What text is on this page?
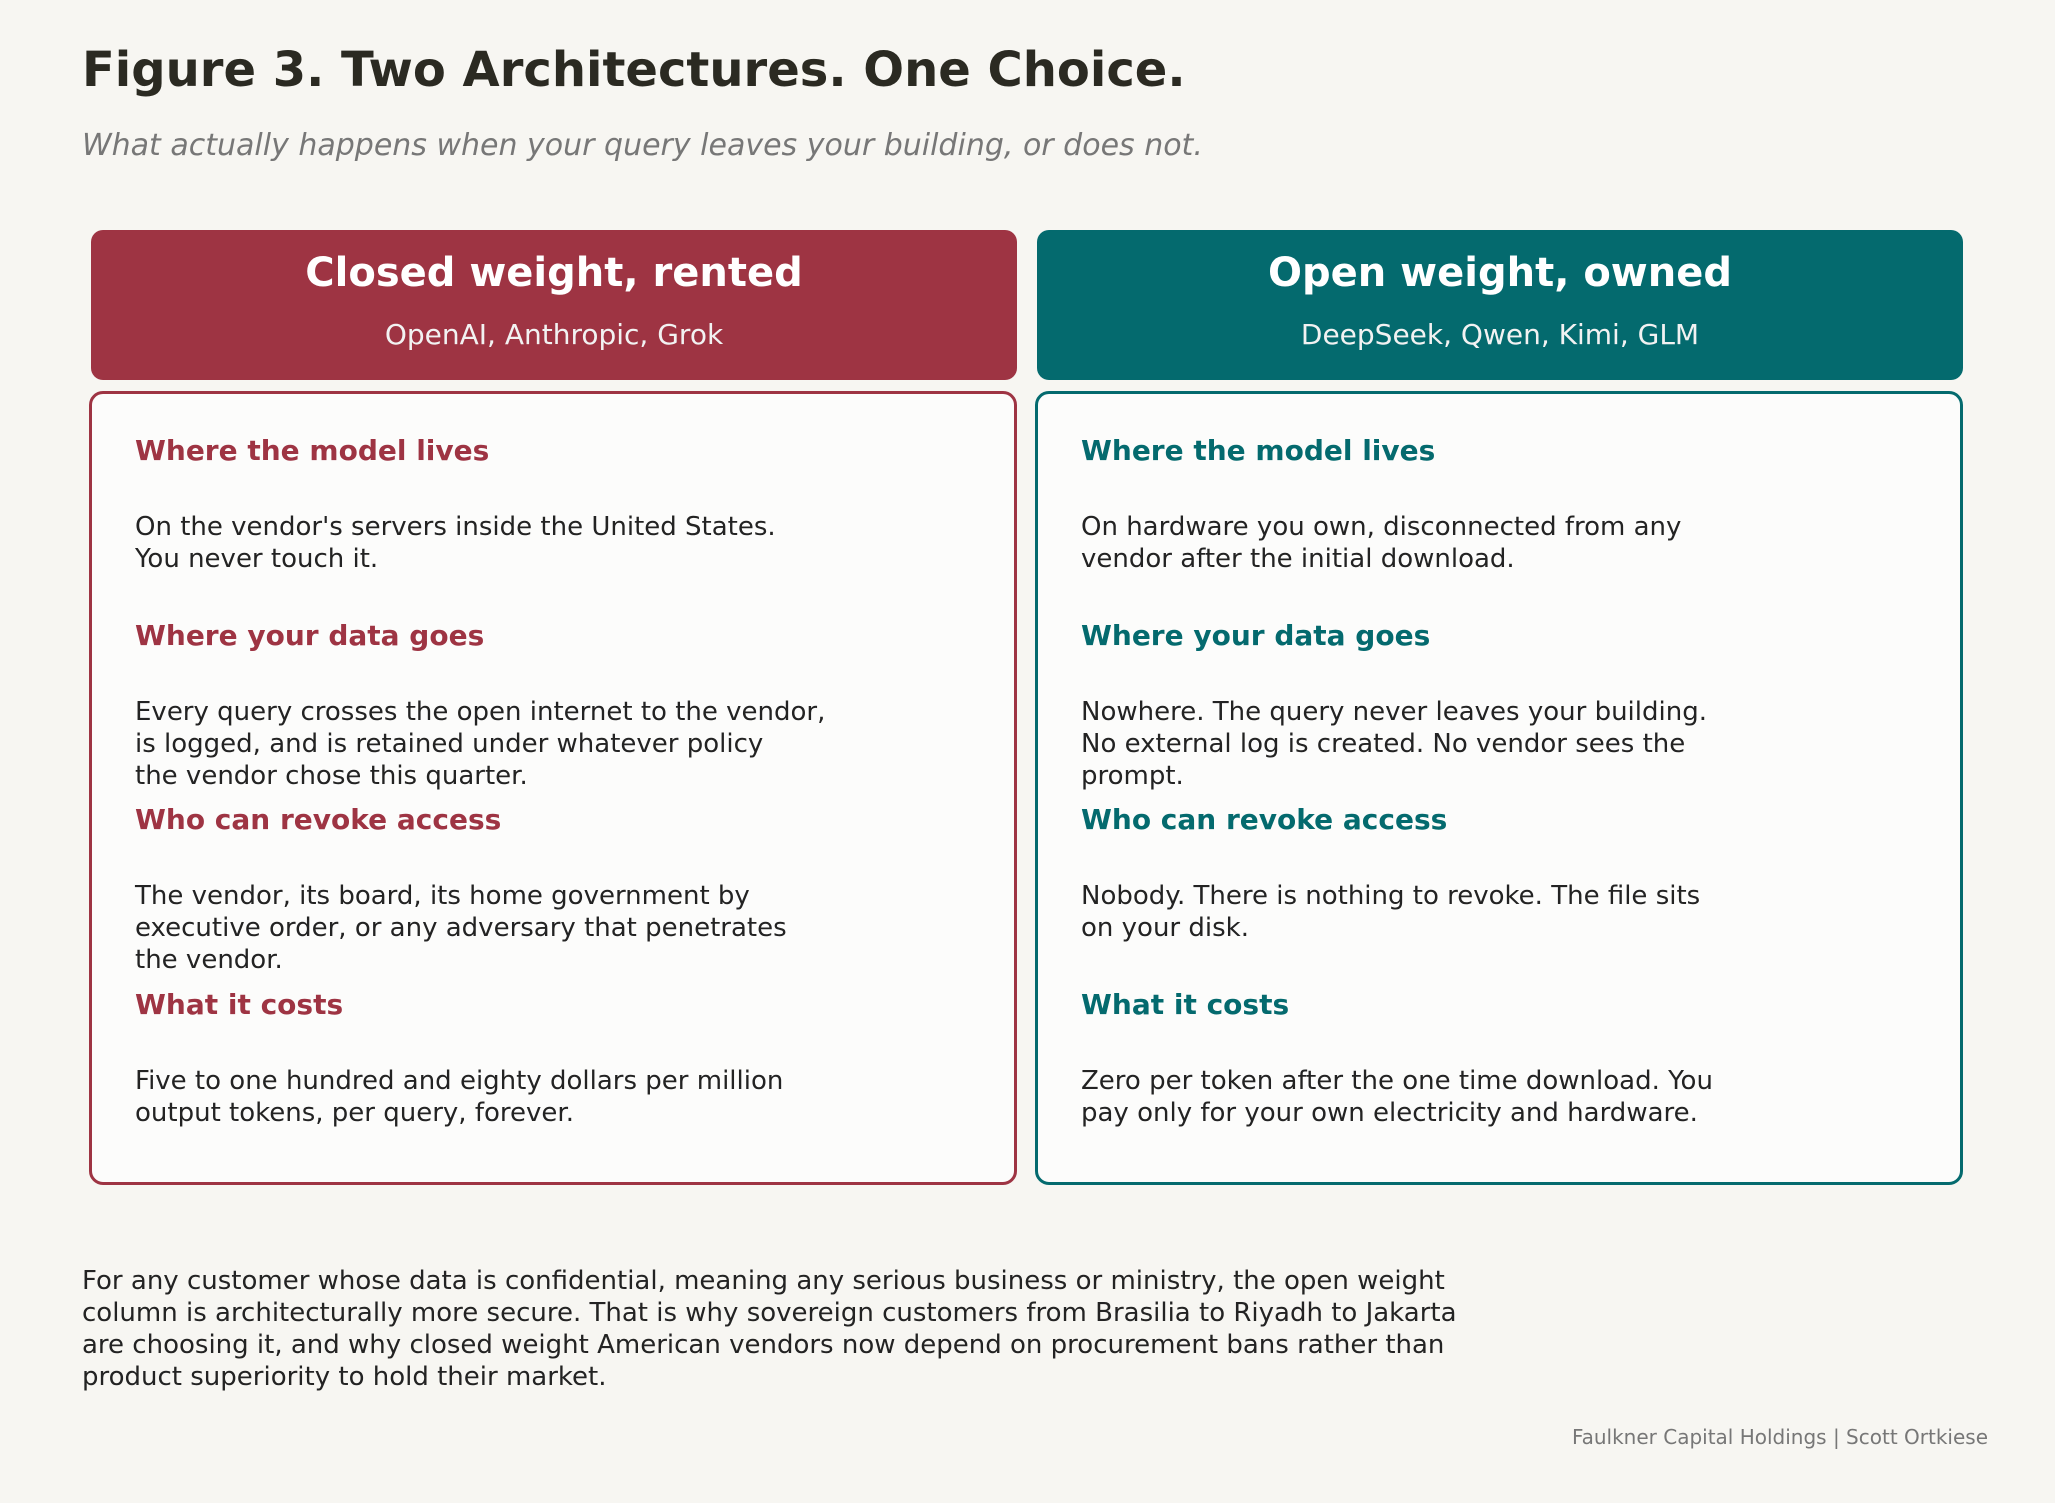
Figure 3. Two Architectures. One Choice.
What actually happens when your query leaves your building, or does not.
Closed weight, rented
OpenAI, Anthropic, Grok
Where the model lives
On the vendor's servers inside the United States.
You never touch it.
Where your data goes
Every query crosses the open internet to the vendor,
is logged, and is retained under whatever policy
the vendor chose this quarter.
Who can revoke access
The vendor, its board, its home government by
executive order, or any adversary that penetrates
the vendor.
What it costs
Five to one hundred and eighty dollars per million
output tokens, per query, forever.
Open weight, owned
DeepSeek, Qwen, Kimi, GLM
Where the model lives
On hardware you own, disconnected from any
vendor after the initial download.
Where your data goes
Nowhere. The query never leaves your building.
No external log is created. No vendor sees the
prompt.
Who can revoke access
Nobody. There is nothing to revoke. The file sits
on your disk.
What it costs
Zero per token after the one time download. You
pay only for your own electricity and hardware.
For any customer whose data is confidential, meaning any serious business or ministry, the open weight
column is architecturally more secure. That is why sovereign customers from Brasilia to Riyadh to Jakarta
are choosing it, and why closed weight American vendors now depend on procurement bans rather than
product superiority to hold their market.
Faulkner Capital Holdings | Scott Ortkiese
